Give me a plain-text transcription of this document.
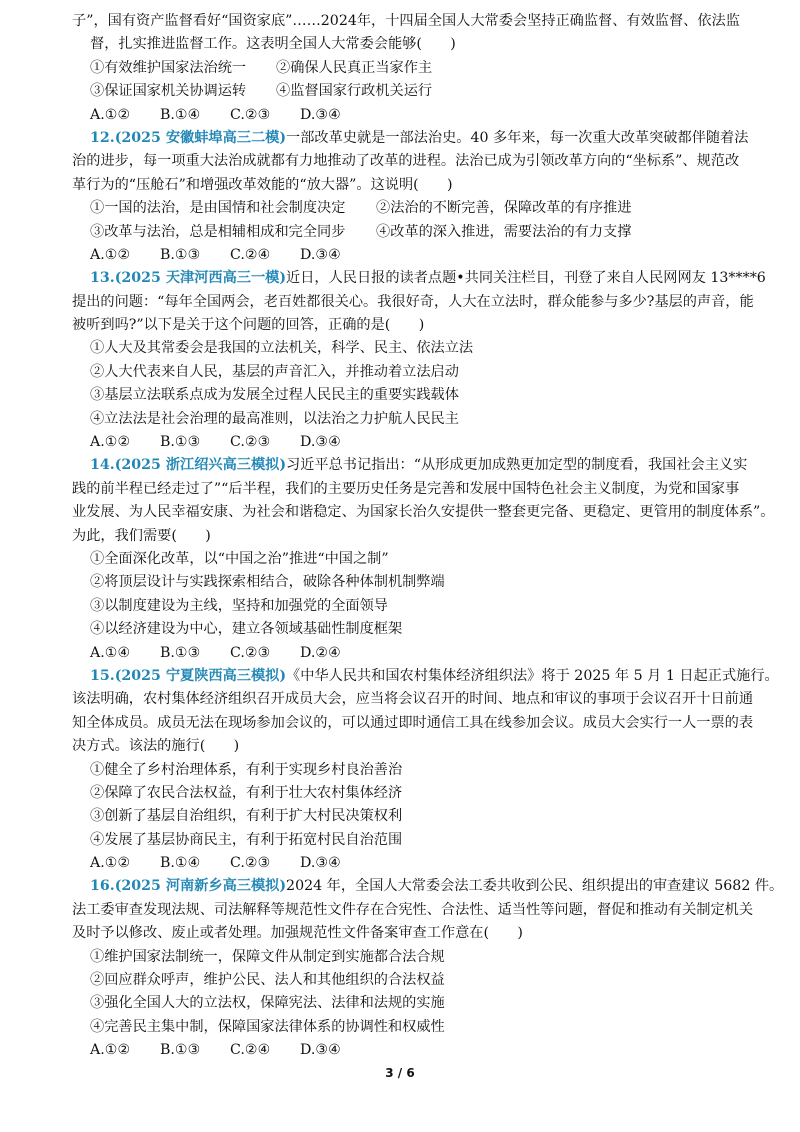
子”，国有资产监督看好“国资家底”……2024年，十四届全国人大常委会坚持正确监督、有效监督、依法监
督，扎实推进监督工作。这表明全国人大常委会能够(　　)
①有效维护国家法治统一 ②确保人民真正当家作主
③保证国家机关协调运转 ④监督国家行政机关运行
A.①② B.①④ C.②③ D.③④
12.(2025 安徽蚌埠高三二模)一部改革史就是一部法治史。40 多年来，每一次重大改革突破都伴随着法
治的进步，每一项重大法治成就都有力地推动了改革的进程。法治已成为引领改革方向的“坐标系”、规范改
革行为的“压舱石”和增强改革效能的“放大器”。这说明(　　)
①一国的法治，是由国情和社会制度决定 ②法治的不断完善，保障改革的有序推进
③改革与法治，总是相辅相成和完全同步 ④改革的深入推进，需要法治的有力支撑
A.①② B.①③ C.②④ D.③④
13.(2025 天津河西高三一模)近日，人民日报的读者点题•共同关注栏目，刊登了来自人民网网友 13****6
提出的问题：“每年全国两会，老百姓都很关心。我很好奇，人大在立法时，群众能参与多少?基层的声音，能
被听到吗?”以下是关于这个问题的回答，正确的是(　　)
①人大及其常委会是我国的立法机关，科学、民主、依法立法
②人大代表来自人民，基层的声音汇入，并推动着立法启动
③基层立法联系点成为发展全过程人民民主的重要实践载体
④立法法是社会治理的最高准则，以法治之力护航人民民主
A.①② B.①③ C.②③ D.③④
14.(2025 浙江绍兴高三模拟)习近平总书记指出：“从形成更加成熟更加定型的制度看，我国社会主义实
践的前半程已经走过了”“后半程，我们的主要历史任务是完善和发展中国特色社会主义制度，为党和国家事
业发展、为人民幸福安康、为社会和谐稳定、为国家长治久安提供一整套更完备、更稳定、更管用的制度体系”。
为此，我们需要(　　)
①全面深化改革，以“中国之治”推进“中国之制”
②将顶层设计与实践探索相结合，破除各种体制机制弊端
③以制度建设为主线，坚持和加强党的全面领导
④以经济建设为中心，建立各领域基础性制度框架
A.①④ B.①③ C.②③ D.②④
15.(2025 宁夏陕西高三模拟)《中华人民共和国农村集体经济组织法》将于 2025 年 5 月 1 日起正式施行。
该法明确，农村集体经济组织召开成员大会，应当将会议召开的时间、地点和审议的事项于会议召开十日前通
知全体成员。成员无法在现场参加会议的，可以通过即时通信工具在线参加会议。成员大会实行一人一票的表
决方式。该法的施行(　　)
①健全了乡村治理体系，有利于实现乡村良治善治
②保障了农民合法权益，有利于壮大农村集体经济
③创新了基层自治组织，有利于扩大村民决策权利
④发展了基层协商民主，有利于拓宽村民自治范围
A.①② B.①④ C.②③ D.③④
16.(2025 河南新乡高三模拟)2024 年，全国人大常委会法工委共收到公民、组织提出的审查建议 5682 件。
法工委审查发现法规、司法解释等规范性文件存在合宪性、合法性、适当性等问题，督促和推动有关制定机关
及时予以修改、废止或者处理。加强规范性文件备案审查工作意在(　　)
①维护国家法制统一，保障文件从制定到实施都合法合规
②回应群众呼声，维护公民、法人和其他组织的合法权益
③强化全国人大的立法权，保障宪法、法律和法规的实施
④完善民主集中制，保障国家法律体系的协调性和权威性
A.①② B.①③ C.②④ D.③④
3 / 6
